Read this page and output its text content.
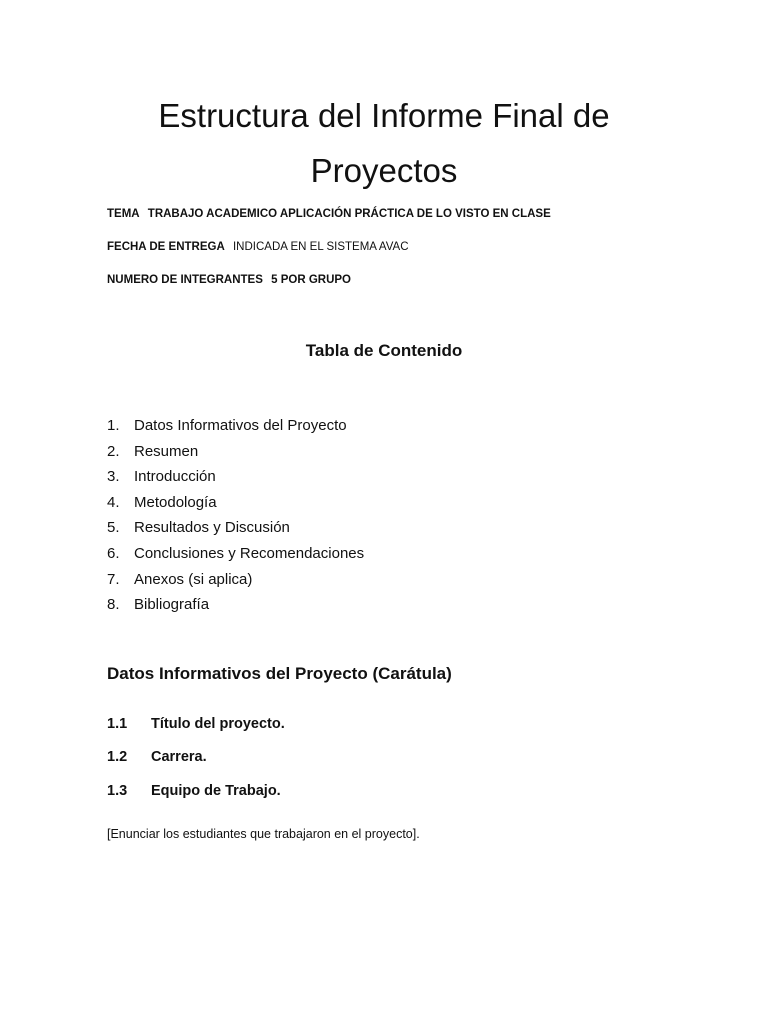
Estructura del Informe Final de
Proyectos
TEMA TRABAJO ACADEMICO APLICACIÓN PRÁCTICA DE LO VISTO EN CLASE
FECHA DE ENTREGA INDICADA EN EL SISTEMA AVAC
NUMERO DE INTEGRANTES 5 POR GRUPO
Tabla de Contenido
1. Datos Informativos del Proyecto
2. Resumen
3. Introducción
4. Metodología
5. Resultados y Discusión
6. Conclusiones y Recomendaciones
7. Anexos (si aplica)
8. Bibliografía
Datos Informativos del Proyecto (Carátula)
1.1 Título del proyecto.
1.2 Carrera.
1.3 Equipo de Trabajo.
[Enunciar los estudiantes que trabajaron en el proyecto].
